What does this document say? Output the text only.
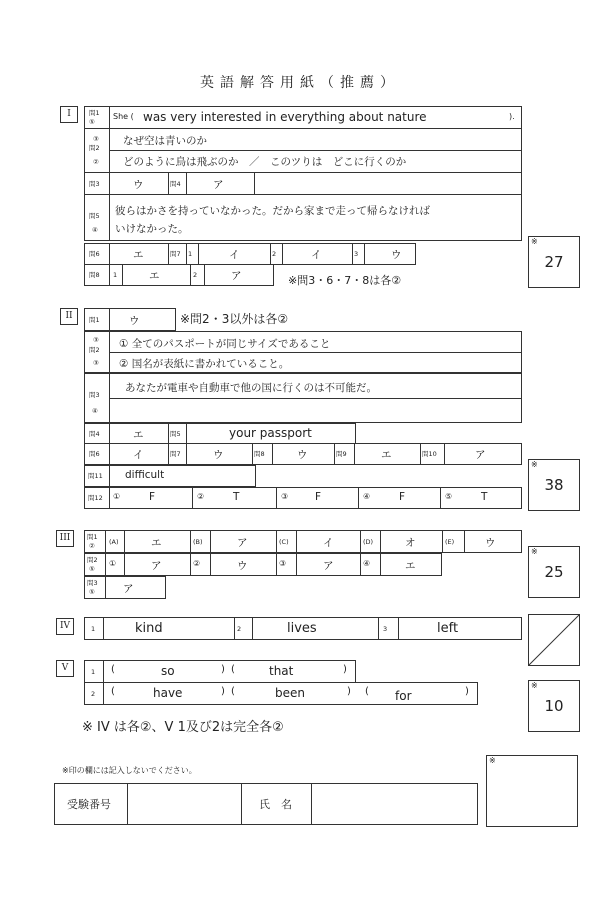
英語解答用紙（推薦）
I	問1
⑤
She ( was very interested in everything about nature	).
③
問2
②
なぜ空は青いのか
どのように鳥は飛ぶのか　／　このツりは　どこに行くのか
問3	ウ	問4	ア
問5
④
彼らはかさを持っていなかった。だから家まで走って帰らなければ
いけなかった。
問6	エ	問7 1	イ	2	イ	3	ウ
問8 1	エ	2	ア	※問3・6・7・8は各②
※
27
II	問1	ウ	※問2・3以外は各②
③
問2
③
① 全てのパスポートが同じサイズであること
② 国名が表紙に書かれていること。
問3
④
あなたが電車や自動車で他の国に行くのは不可能だ。
問4	エ	問5	your passport
問6	イ	問7	ウ	問8	ウ	問9	エ	問10	ア
問11 difficult
問12 ①	F	②	T	③	F	④	F	⑤	T
※
38
III	問1
② (A)	エ	(B)	ア	(C)	イ	(D)	オ	(E)	ウ
問2
⑤
①	ア	②	ウ	③	ア	④	エ
問3
⑤	ア
※
25
IV	1	kind	2	lives	3	left
V	1 (	so	) (	that	)
2 (	have	) (	been	) ( for	)
※
10
※ IV は各②、V 1及び2は完全各②
※印の欄には記入しないでください。
受験番号	氏　名
※
